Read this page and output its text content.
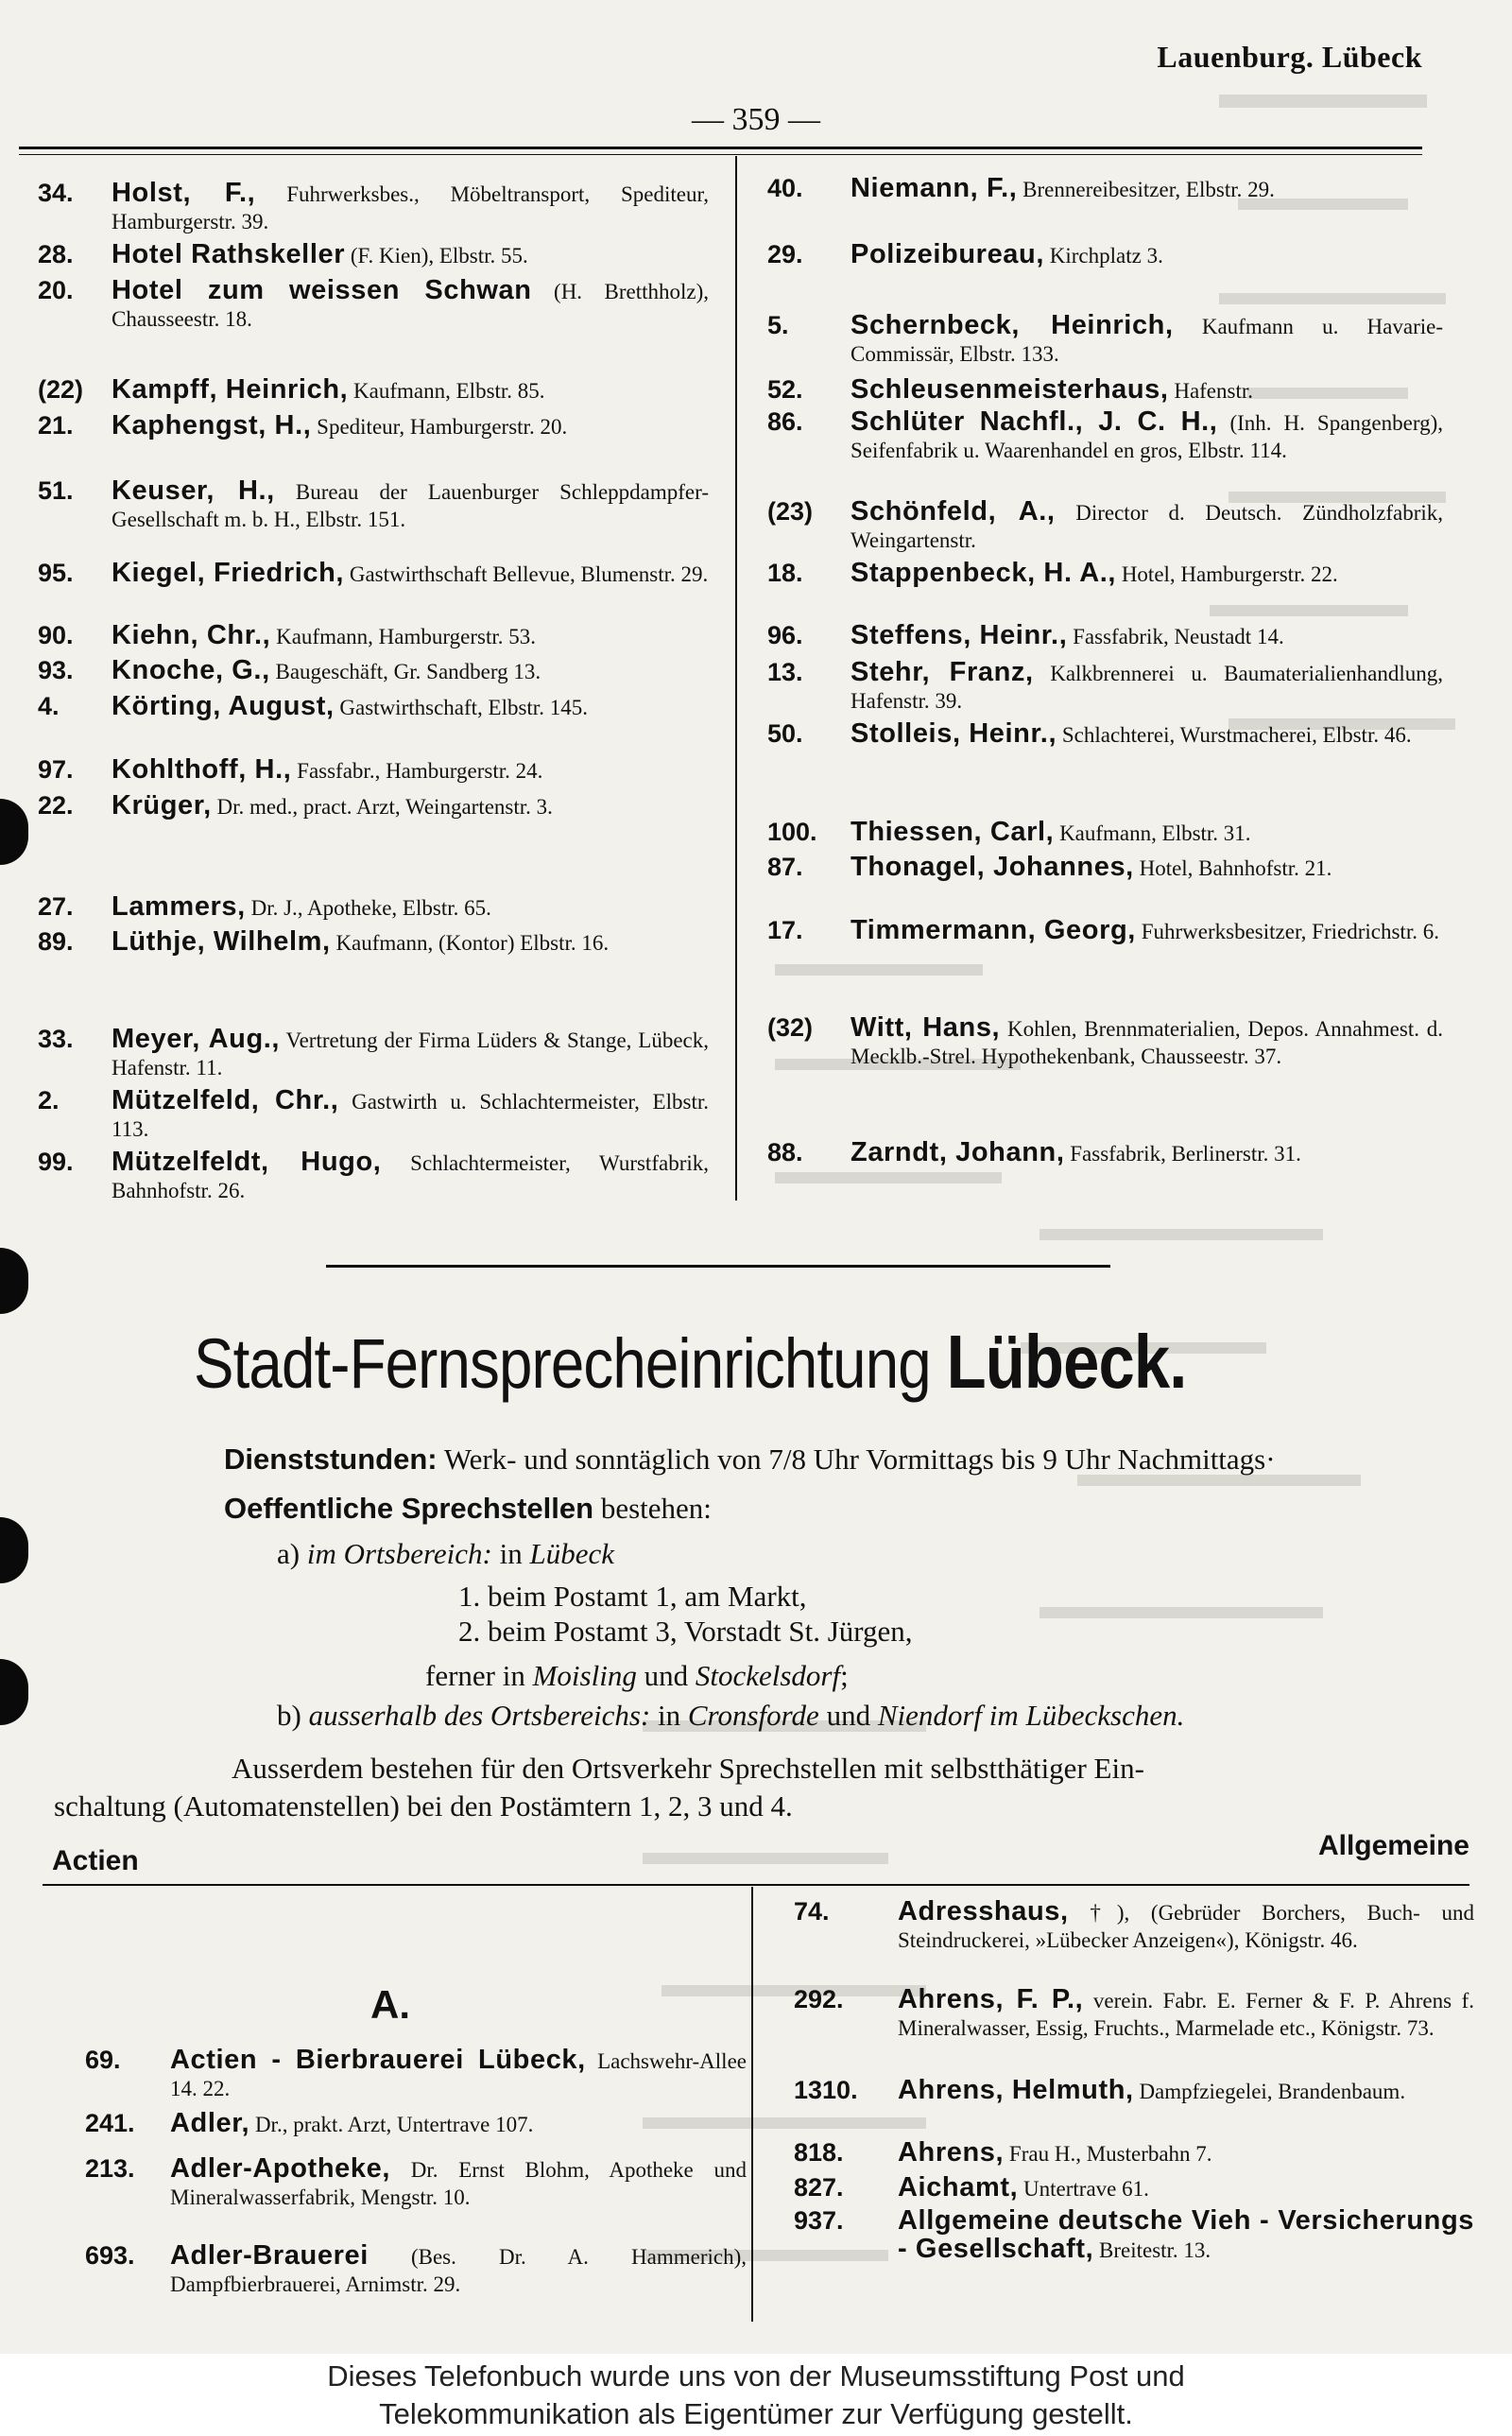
Lauenburg. Lübeck
— 359 —
34. Holst, F., Fuhrwerksbes., Möbeltransport, Spediteur, Hamburgerstr. 39.
28. Hotel Rathskeller (F. Kien), Elbstr. 55.
20. Hotel zum weissen Schwan (H. Bretthholz), Chausseestr. 18.
(22) Kampff, Heinrich, Kaufmann, Elbstr. 85.
21. Kaphengst, H., Spediteur, Hamburgerstr. 20.
51. Keuser, H., Bureau der Lauenburger Schleppdampfer-Gesellschaft m. b. H., Elbstr. 151.
95. Kiegel, Friedrich, Gastwirthschaft Bellevue, Blumenstr. 29.
90. Kiehn, Chr., Kaufmann, Hamburgerstr. 53.
93. Knoche, G., Baugeschäft, Gr. Sandberg 13.
4. Körting, August, Gastwirthschaft, Elbstr. 145.
97. Kohlthoff, H., Fassfabr., Hamburgerstr. 24.
22. Krüger, Dr. med., pract. Arzt, Weingartenstr. 3.
27. Lammers, Dr. J., Apotheke, Elbstr. 65.
89. Lüthje, Wilhelm, Kaufmann, (Kontor) Elbstr. 16.
33. Meyer, Aug., Vertretung der Firma Lüders & Stange, Lübeck, Hafenstr. 11.
2. Mützelfeld, Chr., Gastwirth u. Schlachtermeister, Elbstr. 113.
99. Mützelfeldt, Hugo, Schlachtermeister, Wurstfabrik, Bahnhofstr. 26.
40. Niemann, F., Brennereibesitzer, Elbstr. 29.
29. Polizeibureau, Kirchplatz 3.
5. Schernbeck, Heinrich, Kaufmann u. Havarie-Commissär, Elbstr. 133.
52. Schleusenmeisterhaus, Hafenstr.
86. Schlüter Nachfl., J. C. H., (Inh. H. Spangenberg), Seifenfabrik u. Waarenhandel en gros, Elbstr. 114.
(23) Schönfeld, A., Director d. Deutsch. Zündholzfabrik, Weingartenstr.
18. Stappenbeck, H. A., Hotel, Hamburgerstr. 22.
96. Steffens, Heinr., Fassfabrik, Neustadt 14.
13. Stehr, Franz, Kalkbrennerei u. Baumaterialienhandlung, Hafenstr. 39.
50. Stolleis, Heinr., Schlachterei, Wurstmacherei, Elbstr. 46.
100. Thiessen, Carl, Kaufmann, Elbstr. 31.
87. Thonagel, Johannes, Hotel, Bahnhofstr. 21.
17. Timmermann, Georg, Fuhrwerksbesitzer, Friedrichstr. 6.
(32) Witt, Hans, Kohlen, Brennmaterialien, Depos. Annahmest. d. Mecklb.-Strel. Hypothekenbank, Chausseestr. 37.
88. Zarndt, Johann, Fassfabrik, Berlinerstr. 31.
Stadt-Fernsprecheinrichtung Lübeck.
Dienststunden: Werk- und sonntäglich von 7/8 Uhr Vormittags bis 9 Uhr Nachmittags·
Oeffentliche Sprechstellen bestehen:
a) im Ortsbereich: in Lübeck
1. beim Postamt 1, am Markt,
2. beim Postamt 3, Vorstadt St. Jürgen,
ferner in Moisling und Stockelsdorf;
b) ausserhalb des Ortsbereichs: in Cronsforde und Niendorf im Lübeckschen.
Ausserdem bestehen für den Ortsverkehr Sprechstellen mit selbstthätiger Ein-
schaltung (Automatenstellen) bei den Postämtern 1, 2, 3 und 4.
Actien	Allgemeine
A.
69. Actien - Bierbrauerei Lübeck, Lachswehr-Allee 14. 22.
241. Adler, Dr., prakt. Arzt, Untertrave 107.
213. Adler-Apotheke, Dr. Ernst Blohm, Apotheke und Mineralwasserfabrik, Mengstr. 10.
693. Adler-Brauerei (Bes. Dr. A. Hammerich), Dampfbierbrauerei, Arnimstr. 29.
74. Adresshaus, †), (Gebrüder Borchers, Buch- und Steindruckerei, »Lübecker Anzeigen«), Königstr. 46.
292. Ahrens, F. P., verein. Fabr. E. Ferner & F. P. Ahrens f. Mineralwasser, Essig, Fruchts., Marmelade etc., Königstr. 73.
1310. Ahrens, Helmuth, Dampfziegelei, Brandenbaum.
818. Ahrens, Frau H., Musterbahn 7.
827. Aichamt, Untertrave 61.
937. Allgemeine deutsche Vieh - Versicherungs - Gesellschaft, Breitestr. 13.
Dieses Telefonbuch wurde uns von der Museumsstiftung Post und
Telekommunikation als Eigentümer zur Verfügung gestellt.
